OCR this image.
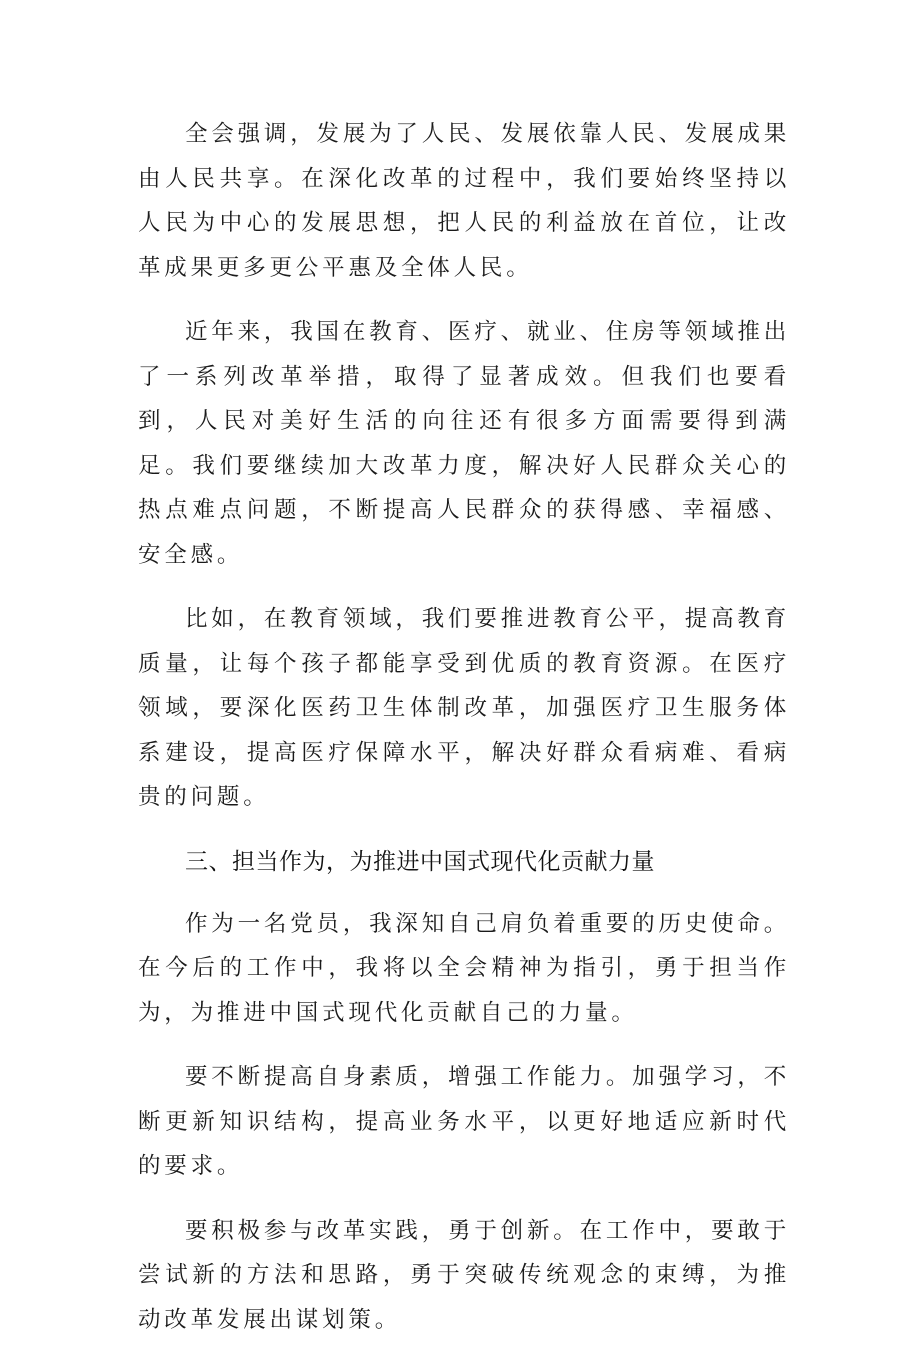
全会强调，发展为了人民、发展依靠人民、发展成果由人民共享。在深化改革的过程中，我们要始终坚持以人民为中心的发展思想，把人民的利益放在首位，让改革成果更多更公平惠及全体人民。

近年来，我国在教育、医疗、就业、住房等领域推出了一系列改革举措，取得了显著成效。但我们也要看到，人民对美好生活的向往还有很多方面需要得到满足。我们要继续加大改革力度，解决好人民群众关心的热点难点问题，不断提高人民群众的获得感、幸福感、安全感。

比如，在教育领域，我们要推进教育公平，提高教育质量，让每个孩子都能享受到优质的教育资源。在医疗领域，要深化医药卫生体制改革，加强医疗卫生服务体系建设，提高医疗保障水平，解决好群众看病难、看病贵的问题。

三、担当作为，为推进中国式现代化贡献力量

作为一名党员，我深知自己肩负着重要的历史使命。在今后的工作中，我将以全会精神为指引，勇于担当作为，为推进中国式现代化贡献自己的力量。

要不断提高自身素质，增强工作能力。加强学习，不断更新知识结构，提高业务水平，以更好地适应新时代的要求。

要积极参与改革实践，勇于创新。在工作中，要敢于尝试新的方法和思路，勇于突破传统观念的束缚，为推动改革发展出谋划策。
